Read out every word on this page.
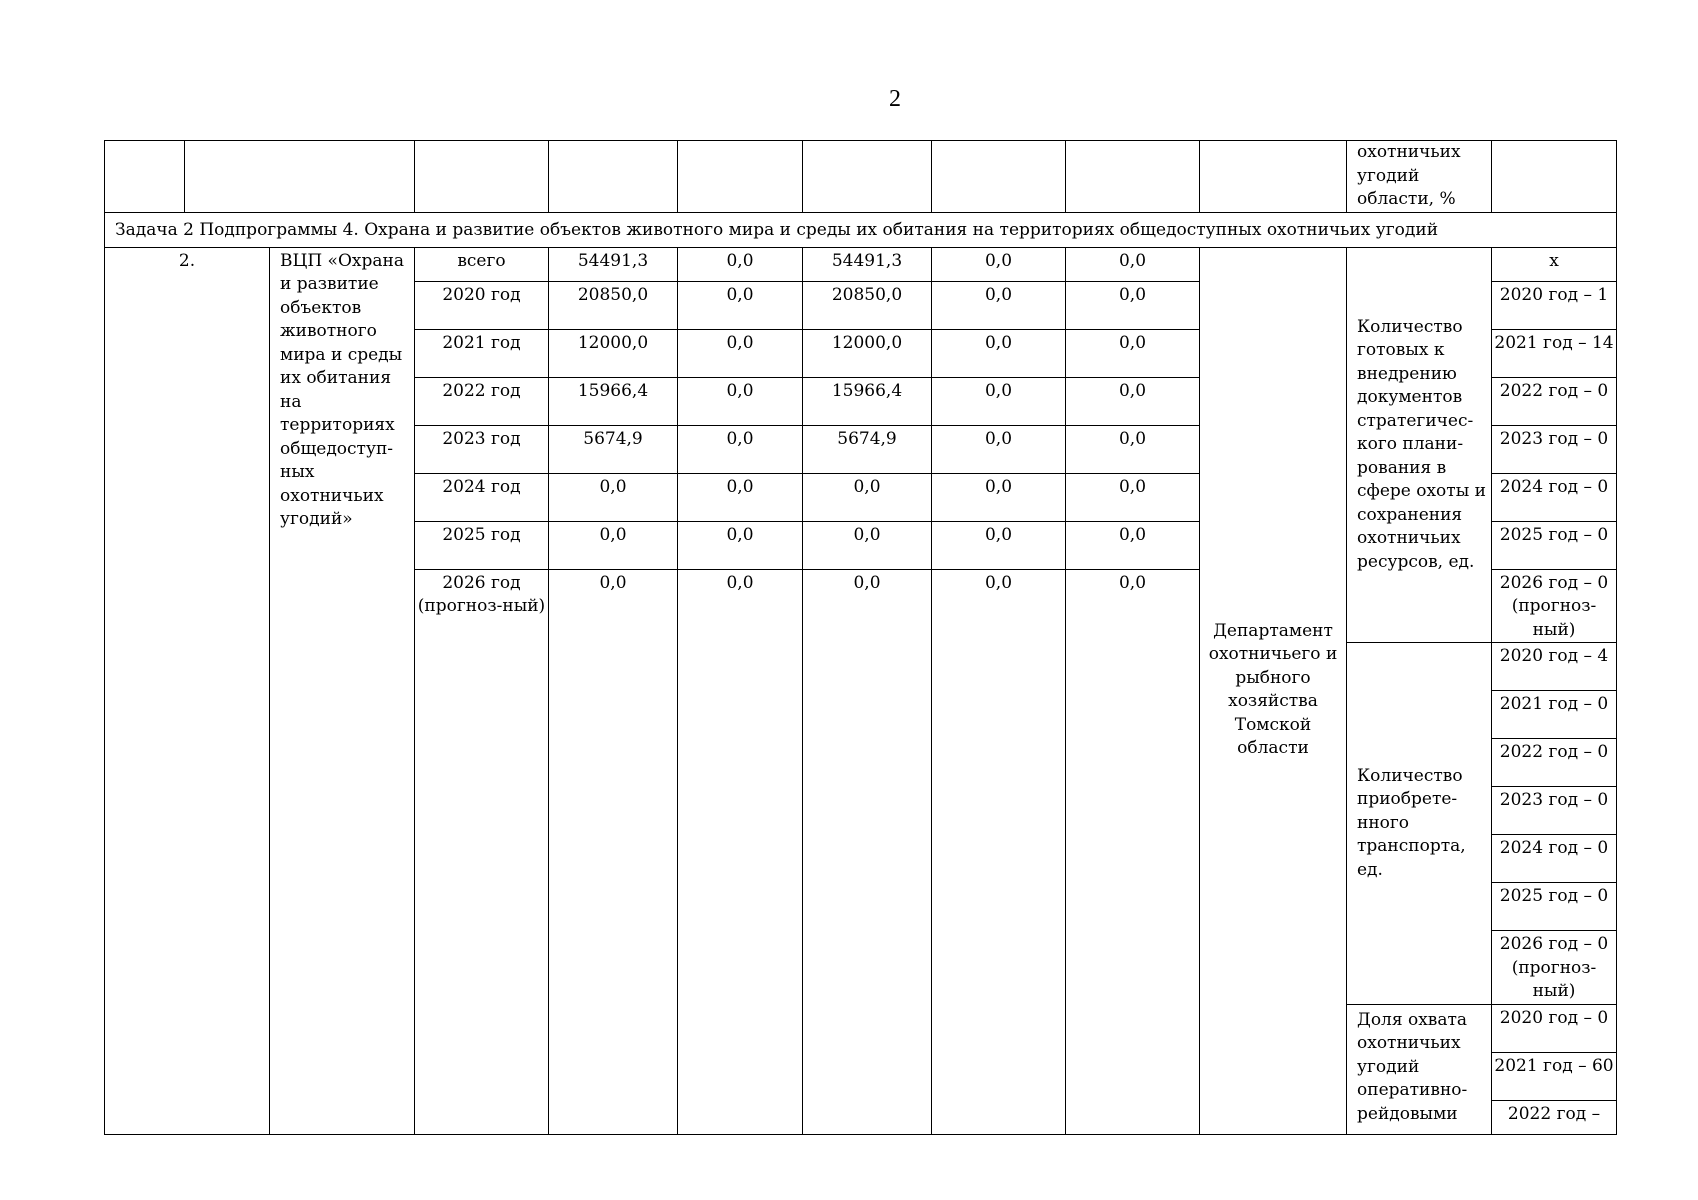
2
										охотничьих угодий области, %	
Задача 2 Подпрограммы 4. Охрана и развитие объектов животного мира и среды их обитания на территориях общедоступных охотничьих угодий											
2.		ВЦП «Охрана и развитие объектов животного мира и среды их обитания на территориях общедоступ-ных охотничьих угодий»	всего	54491,3	0,0	54491,3	0,0	0,0	Департамент охотничьего и рыбного хозяйства Томской области	Количество готовых к внедрению документов стратегичес-кого плани-рования в сфере охоты и сохранения охотничьих ресурсов, ед.	х
			2020 год	20850,0	0,0	20850,0	0,0	0,0			2020 год – 1
			2021 год	12000,0	0,0	12000,0	0,0	0,0			2021 год – 14
			2022 год	15966,4	0,0	15966,4	0,0	0,0			2022 год – 0
			2023 год	5674,9	0,0	5674,9	0,0	0,0			2023 год – 0
			2024 год	0,0	0,0	0,0	0,0	0,0			2024 год – 0
			2025 год	0,0	0,0	0,0	0,0	0,0			2025 год – 0
			2026 год (прогноз-ный)	0,0	0,0	0,0	0,0	0,0			2026 год – 0 (прогноз-ный)
										Количество приобрете-нного транспорта, ед.	2020 год – 4
											2021 год – 0
											2022 год – 0
											2023 год – 0
											2024 год – 0
											2025 год – 0
											2026 год – 0 (прогноз-ный)
										Доля охвата охотничьих угодий оперативно-рейдовыми	2020 год – 0
											2021 год – 60
											2022 год –
